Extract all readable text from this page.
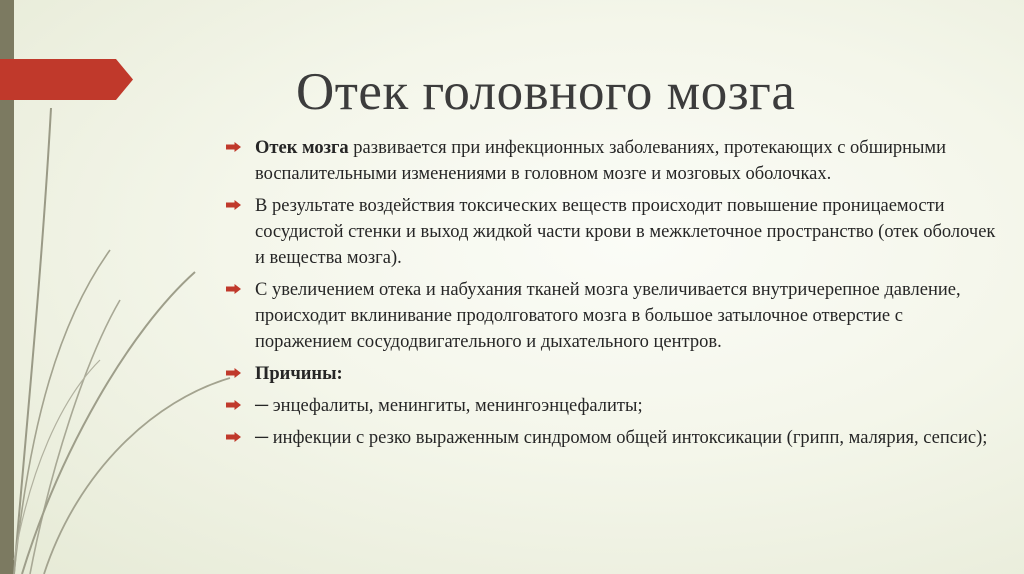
Отек головного мозга
Отек мозга развивается при инфекционных заболеваниях, протекающих с обширными воспалительными изменениями в головном мозге и мозговых оболочках.
В результате воздействия токсических веществ происходит повышение проницаемости сосудистой стенки и выход жидкой части крови в межклеточное пространство (отек оболочек и вещества мозга).
С увеличением отека и набухания тканей мозга увеличивается внутричерепное давление, происходит вклинивание продолговатого мозга в большое затылочное отверстие с поражением сосудодвигательного и дыхательного центров.
Причины:
─ энцефалиты, менингиты, менингоэнцефалиты;
─ инфекции с резко выраженным синдромом общей интоксикации (грипп, малярия, сепсис);
